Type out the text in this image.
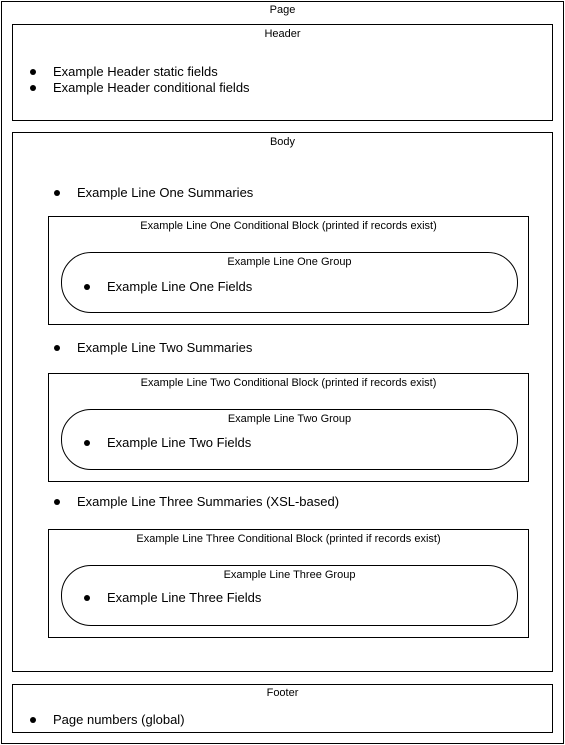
Page
Header
Example Header static fields
Example Header conditional fields
Body
Example Line One Summaries
Example Line One Conditional Block (printed if records exist)
Example Line One Group
Example Line One Fields
Example Line Two Summaries
Example Line Two Conditional Block (printed if records exist)
Example Line Two Group
Example Line Two Fields
Example Line Three Summaries (XSL-based)
Example Line Three Conditional Block (printed if records exist)
Example Line Three Group
Example Line Three Fields
Footer
Page numbers (global)
